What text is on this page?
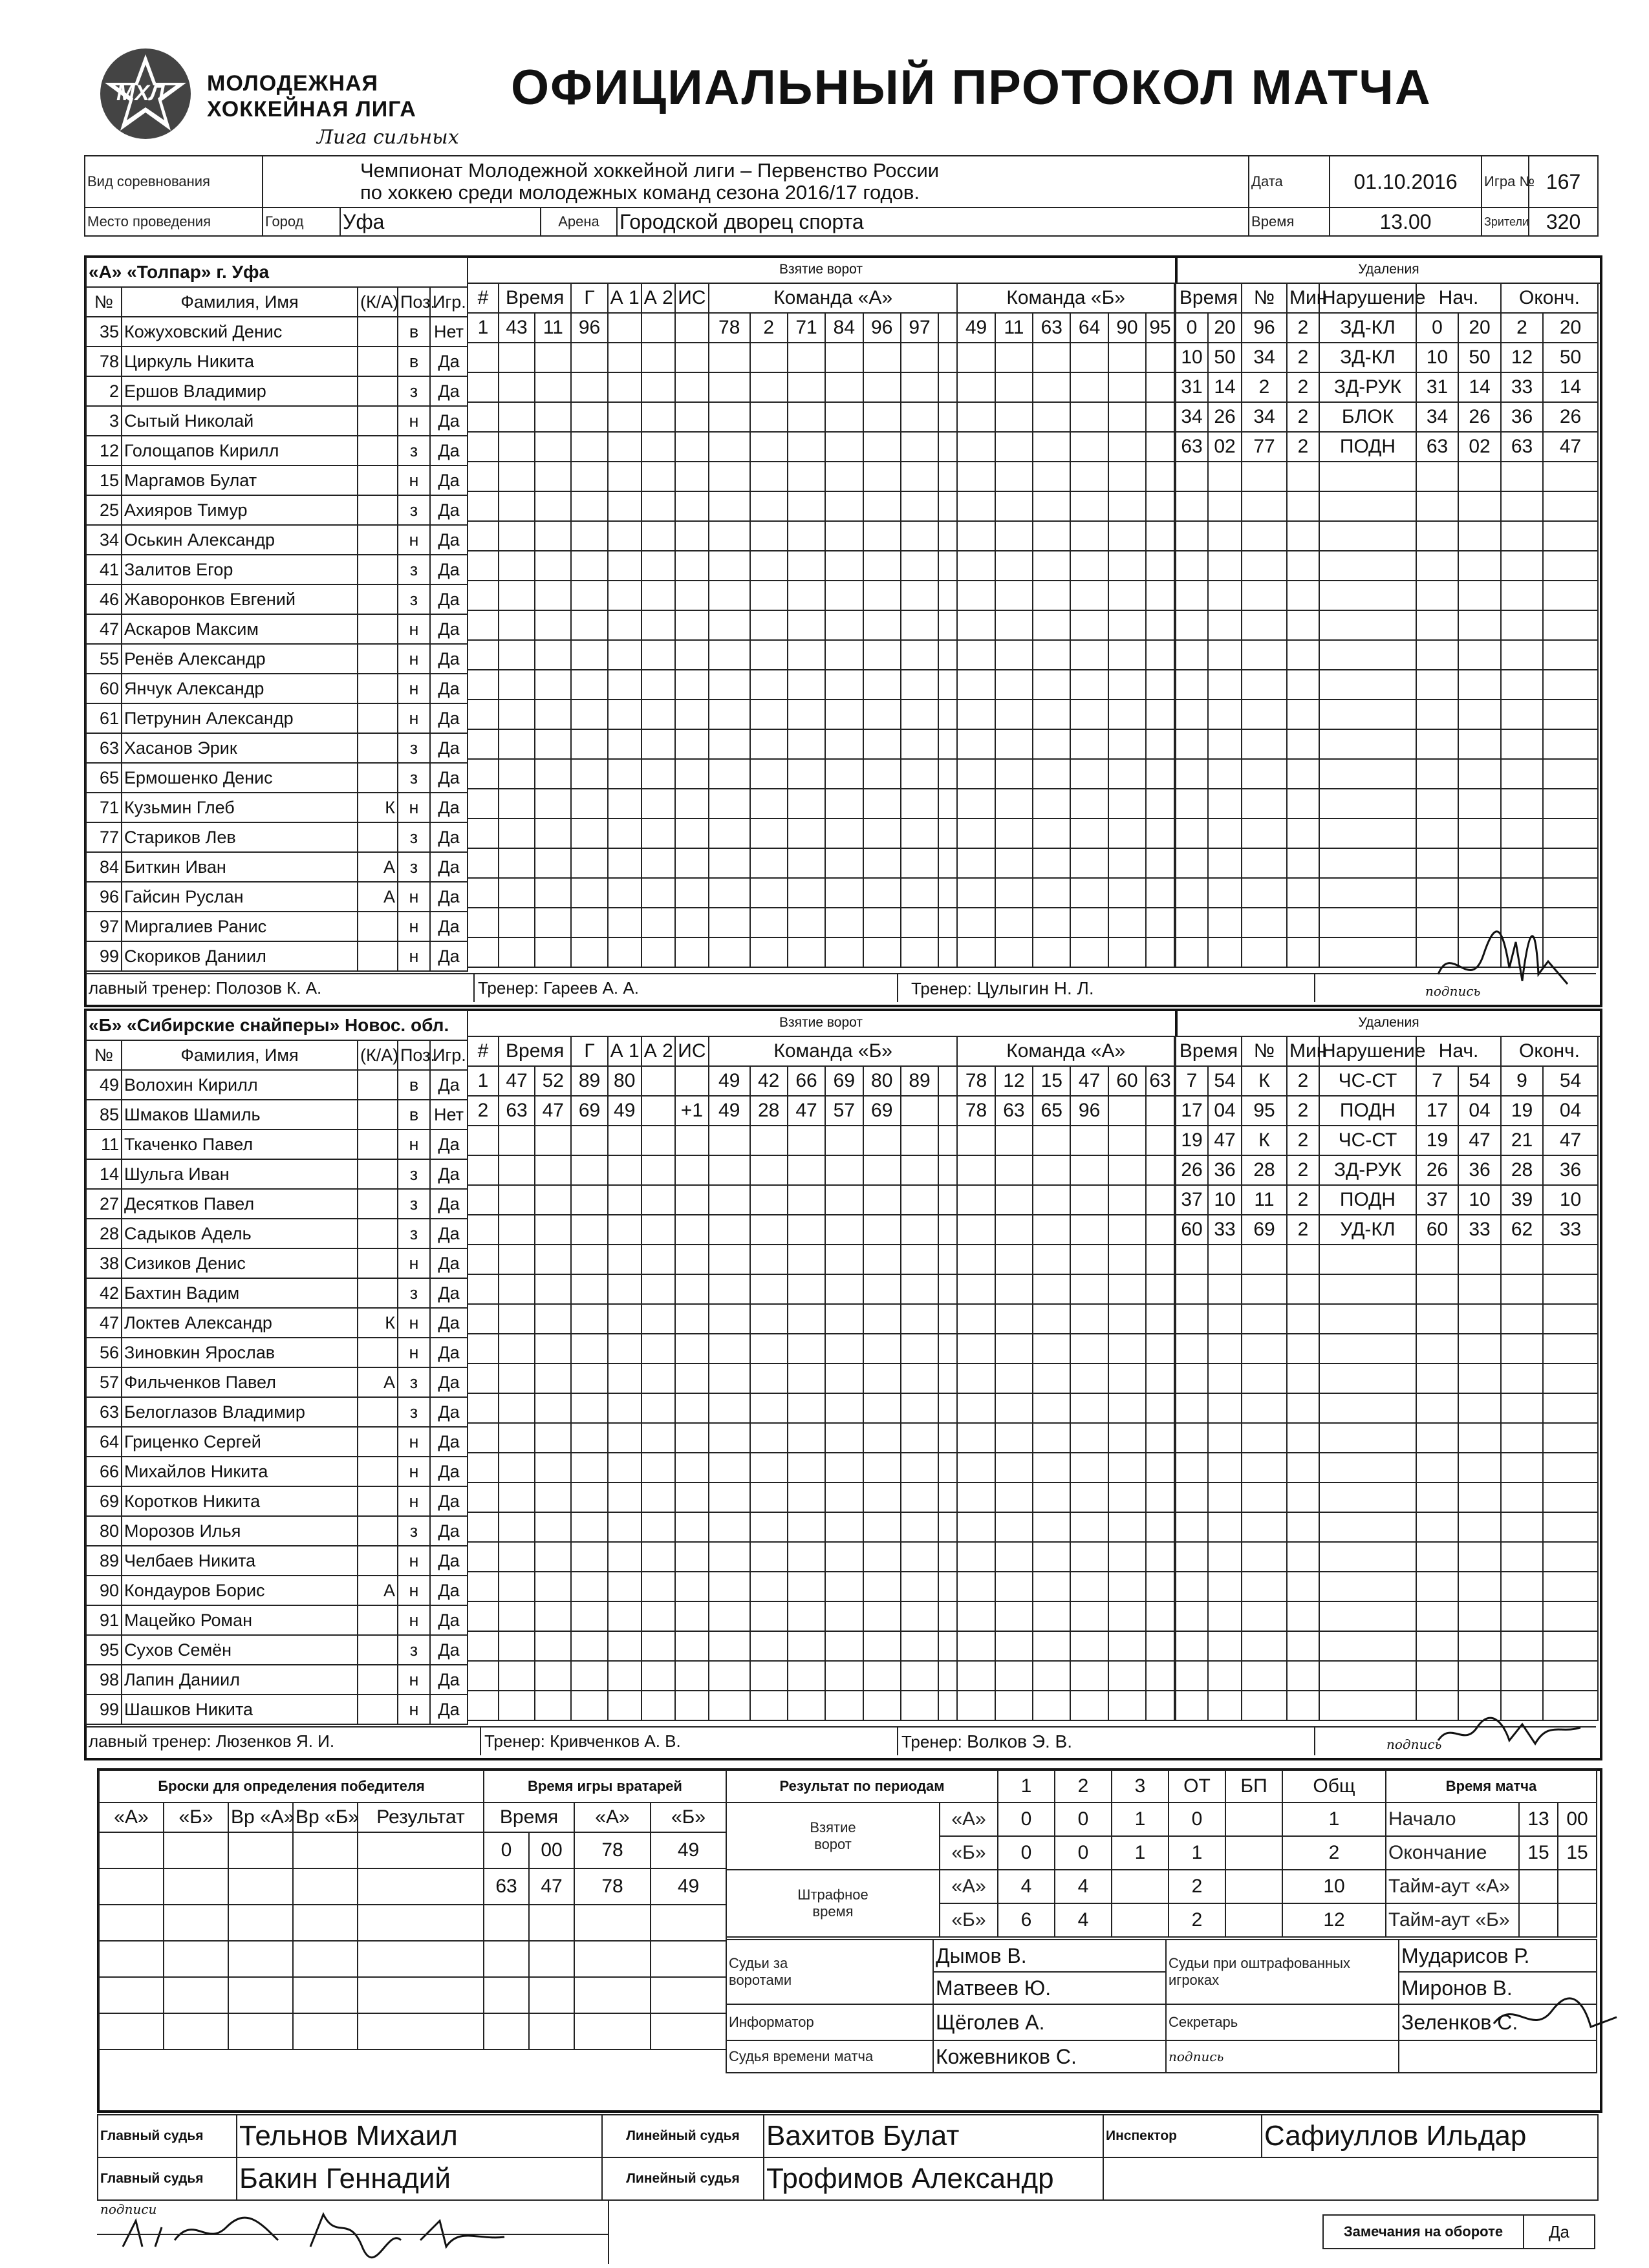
МХЛ МОЛОДЕЖНАЯ
ХОККЕЙНАЯ ЛИГА
Лига сильных
ОФИЦИАЛЬНЫЙ ПРОТОКОЛ МАТЧА
Вид соревнования	Чемпионат Молодежной хоккейной лиги – Первенство России
по хоккею среди молодежных команд сезона 2016/17 годов.				Дата	01.10.2016	Игра №	167
Место проведения	Город	Уфа	Арена	Городской дворец спорта	Время	13.00	Зрители	320
«А» «Толпар» г. Уфа				
№	Фамилия, Имя	(К/А)	Поз.	Игр.
35	Кожуховский Денис		в	Нет
78	Циркуль Никита		в	Да
2	Ершов Владимир		з	Да
3	Сытый Николай		н	Да
12	Голощапов Кирилл		з	Да
15	Маргамов Булат		н	Да
25	Ахияров Тимур		з	Да
34	Оськин Александр		н	Да
41	Залитов Егор		з	Да
46	Жаворонков Евгений		з	Да
47	Аскаров Максим		н	Да
55	Ренёв Александр		н	Да
60	Янчук Александр		н	Да
61	Петрунин Александр		н	Да
63	Хасанов Эрик		з	Да
65	Ермошенко Денис		з	Да
71	Кузьмин Глеб	К	н	Да
77	Стариков Лев		з	Да
84	Биткин Иван	А	з	Да
96	Гайсин Руслан	А	н	Да
97	Миргалиев Ранис		н	Да
99	Скориков Даниил		н	Да
Взятие ворот
#	Время		Г	А 1	А 2	ИС	Команда «А»							Команда «Б»					
1	43	11	96				78	2	71	84	96	97		49	11	63	64	90	95

Удаления
Время		№	Мин	Нарушение	Нач.		Оконч.	
0	20	96	2	ЗД-КЛ	0	20	2	20
10	50	34	2	ЗД-КЛ	10	50	12	50
31	14	2	2	ЗД-РУК	31	14	33	14
34	26	34	2	БЛОК	34	26	36	26
63	02	77	2	ПОДН	63	02	63	47

лавный тренер: Полозов К. А.	Тренер: Гареев А. А.	Тренер: Цулыгин Н. Л.	подпись
«Б» «Сибирские снайперы» Новос. обл.				
№	Фамилия, Имя	(К/А)	Поз.	Игр.
49	Волохин Кирилл		в	Да
85	Шмаков Шамиль		в	Нет
11	Ткаченко Павел		н	Да
14	Шульга Иван		з	Да
27	Десятков Павел		з	Да
28	Садыков Адель		з	Да
38	Сизиков Денис		н	Да
42	Бахтин Вадим		з	Да
47	Локтев Александр	К	н	Да
56	Зиновкин Ярослав		н	Да
57	Фильченков Павел	А	з	Да
63	Белоглазов Владимир		з	Да
64	Гриценко Сергей		н	Да
66	Михайлов Никита		н	Да
69	Коротков Никита		н	Да
80	Морозов Илья		з	Да
89	Челбаев Никита		н	Да
90	Кондауров Борис	А	н	Да
91	Мацейко Роман		н	Да
95	Сухов Семён		з	Да
98	Лапин Даниил		н	Да
99	Шашков Никита		н	Да
Взятие ворот
#	Время		Г	А 1	А 2	ИС	Команда «Б»							Команда «А»					
1	47	52	89	80			49	42	66	69	80	89		78	12	15	47	60	63
2	63	47	69	49		+1	49	28	47	57	69			78	63	65	96		

Удаления
Время		№	Мин	Нарушение	Нач.		Оконч.	
7	54	К	2	ЧС-СТ	7	54	9	54
17	04	95	2	ПОДН	17	04	19	04
19	47	К	2	ЧС-СТ	19	47	21	47
26	36	28	2	ЗД-РУК	26	36	28	36
37	10	11	2	ПОДН	37	10	39	10
60	33	69	2	УД-КЛ	60	33	62	33

лавный тренер: Люзенков Я. И.	Тренер: Кривченков А. В.	Тренер: Волков Э. В.	подпись
Броски для определения победителя				
«А»	«Б»	Вр «А»	Вр «Б»	Результат

Время игры вратарей			
Время		«А»	«Б»
0	00	78	49
63	47	78	49

Результат по периодам		1	2	3	ОТ	БП	Общ
Взятие ворот	«А»	0	0	1	0		1
	«Б»	0	0	1	1		2
Штрафное время	«А»	4	4		2		10
	«Б»	6	4		2		12
Время матча		
Начало	13	00
Окончание	15	15
Тайм-аут «А»		
Тайм-аут «Б»		
Судьи за воротами	Дымов В.	Судьи при оштрафованных игроках	Мударисов Р.
	Матвеев Ю.		Миронов В.
Информатор	Щёголев А.	Секретарь	Зеленков С.
Судья времени матча	Кожевников С.	подпись	
Главный судья	Тельнов Михаил	Линейный судья	Вахитов Булат	Инспектор	Сафиуллов Ильдар
Главный судья	Бакин Геннадий	Линейный судья	Трофимов Александр		
подписи
Замечания на обороте	Да
